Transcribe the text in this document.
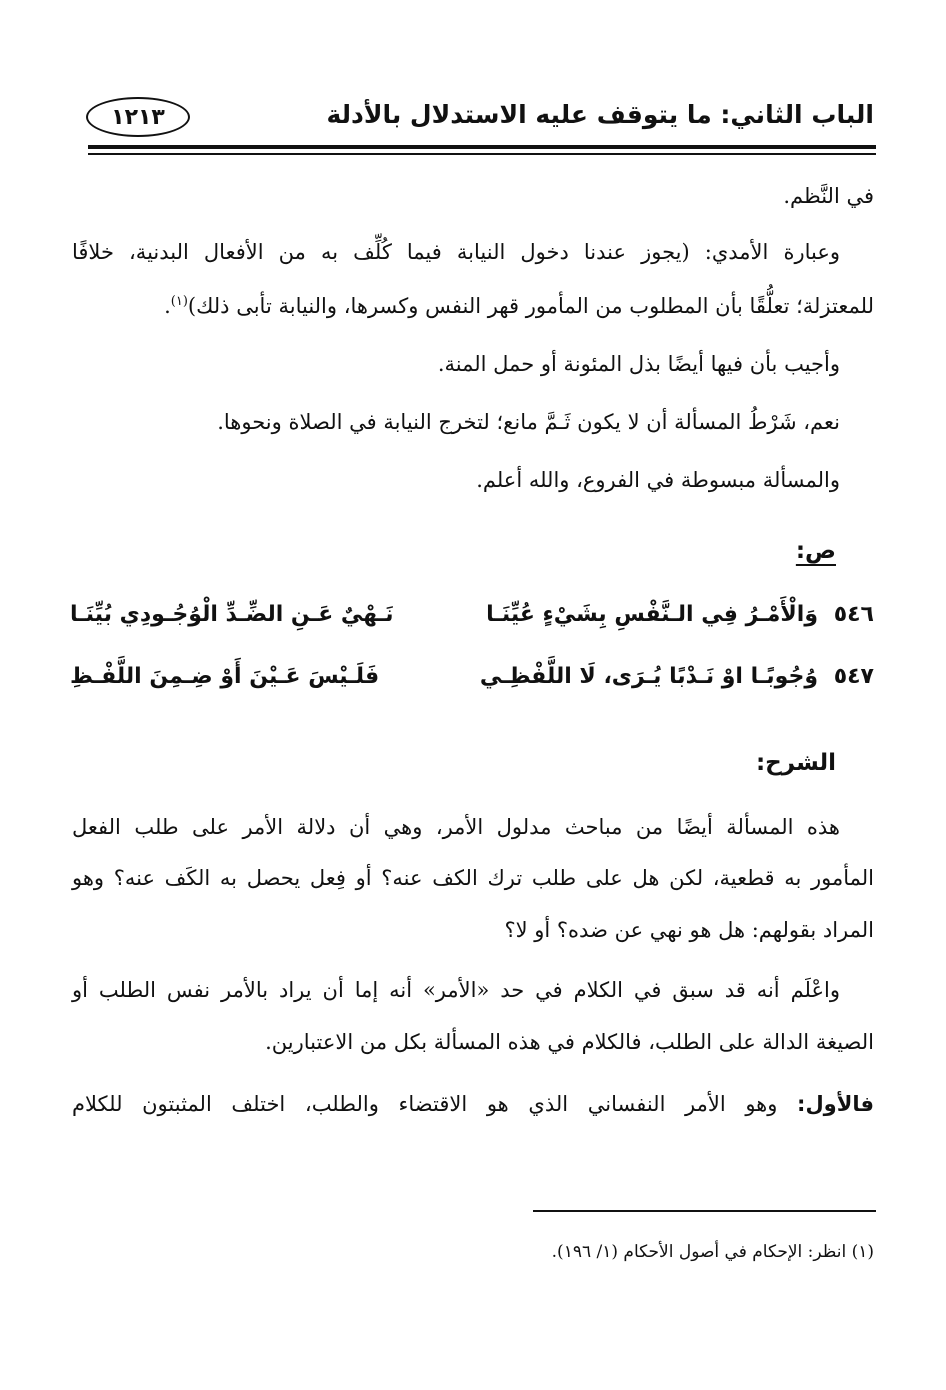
الباب الثاني: ما يتوقف عليه الاستدلال بالأدلة
١٢١٣
في النَّظم.
وعبارة الأمدي: (يجوز عندنا دخول النيابة فيما كُلِّف به من الأفعال البدنية، خلافًا
للمعتزلة؛ تعلُّقًا بأن المطلوب من المأمور قهر النفس وكسرها، والنيابة تأبى ذلك)$^{(١)}$.
وأجيب بأن فيها أيضًا بذل المئونة أو حمل المنة.
نعم، شَرْطُ المسألة أن لا يكون ثَـمَّ مانع؛ لتخرج النيابة في الصلاة ونحوها.
والمسألة مبسوطة في الفروع، والله أعلم.
ص:
٥٤٦
وَالْأَمْـرُ فِي الـنَّفْسِ بِشَيْءٍ عُيِّنَـا
نَـهْيٌ عَـنِ الضِّـدِّ الْوُجُـودِي بُيِّنَـا
٥٤٧
وُجُوبًـا اوْ نَـدْبًا يُـرَى، لَا اللَّفْظِـي
فَلَـيْسَ عَـيْنَ أَوْ ضِـمِنَ اللَّفْـظِ
الشرح:
هذه المسألة أيضًا من مباحث مدلول الأمر، وهي أن دلالة الأمر على طلب الفعل
المأمور به قطعية، لكن هل على طلب ترك الكف عنه؟ أو فِعل يحصل به الكَف عنه؟ وهو
المراد بقولهم: هل هو نهي عن ضده؟ أو لا؟
واعْلَم أنه قد سبق في الكلام في حد «الأمر» أنه إما أن يراد بالأمر نفس الطلب أو
الصيغة الدالة على الطلب، فالكلام في هذه المسألة بكل من الاعتبارين.
فالأول: وهو الأمر النفساني الذي هو الاقتضاء والطلب، اختلف المثبتون للكلام
(١) انظر: الإحكام في أصول الأحكام (١/ ١٩٦).
